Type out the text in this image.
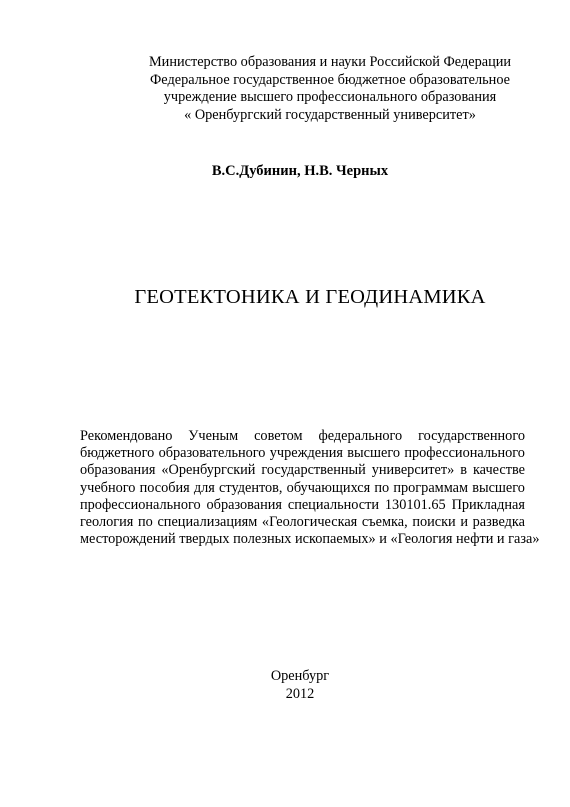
Министерство образования и науки Российской Федерации
Федеральное государственное бюджетное образовательное
учреждение высшего профессионального образования
« Оренбургский государственный университет»
В.С.Дубинин, Н.В. Черных
ГЕОТЕКТОНИКА И ГЕОДИНАМИКА
Рекомендовано Ученым советом федерального государственного
бюджетного образовательного учреждения высшего профессионального
образования «Оренбургский государственный университет» в качестве
учебного пособия для студентов, обучающихся по программам высшего
профессионального образования специальности 130101.65 Прикладная
геология по специализациям «Геологическая съемка, поиски и разведка
месторождений твердых полезных ископаемых» и «Геология нефти и газа»
Оренбург
2012
